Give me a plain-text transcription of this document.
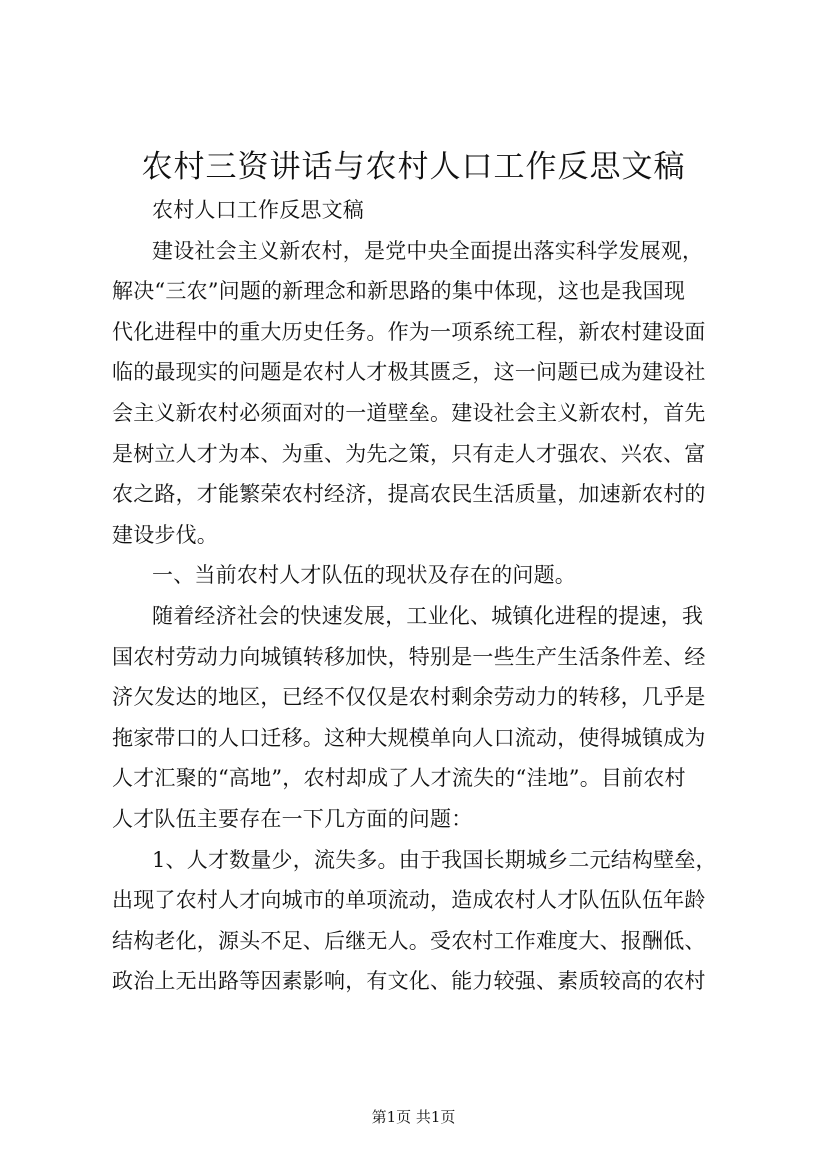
农村三资讲话与农村人口工作反思文稿
农村人口工作反思文稿
建设社会主义新农村，是党中央全面提出落实科学发展观，
解决“三农”问题的新理念和新思路的集中体现，这也是我国现
代化进程中的重大历史任务。作为一项系统工程，新农村建设面
临的最现实的问题是农村人才极其匮乏，这一问题已成为建设社
会主义新农村必须面对的一道壁垒。建设社会主义新农村，首先
是树立人才为本、为重、为先之策，只有走人才强农、兴农、富
农之路，才能繁荣农村经济，提高农民生活质量，加速新农村的
建设步伐。
一、当前农村人才队伍的现状及存在的问题。
随着经济社会的快速发展，工业化、城镇化进程的提速，我
国农村劳动力向城镇转移加快，特别是一些生产生活条件差、经
济欠发达的地区，已经不仅仅是农村剩余劳动力的转移，几乎是
拖家带口的人口迁移。这种大规模单向人口流动，使得城镇成为
人才汇聚的“高地”，农村却成了人才流失的“洼地”。目前农村
人才队伍主要存在一下几方面的问题：
1、人才数量少，流失多。由于我国长期城乡二元结构壁垒，
出现了农村人才向城市的单项流动，造成农村人才队伍队伍年龄
结构老化，源头不足、后继无人。受农村工作难度大、报酬低、
政治上无出路等因素影响，有文化、能力较强、素质较高的农村
第1页 共1页
